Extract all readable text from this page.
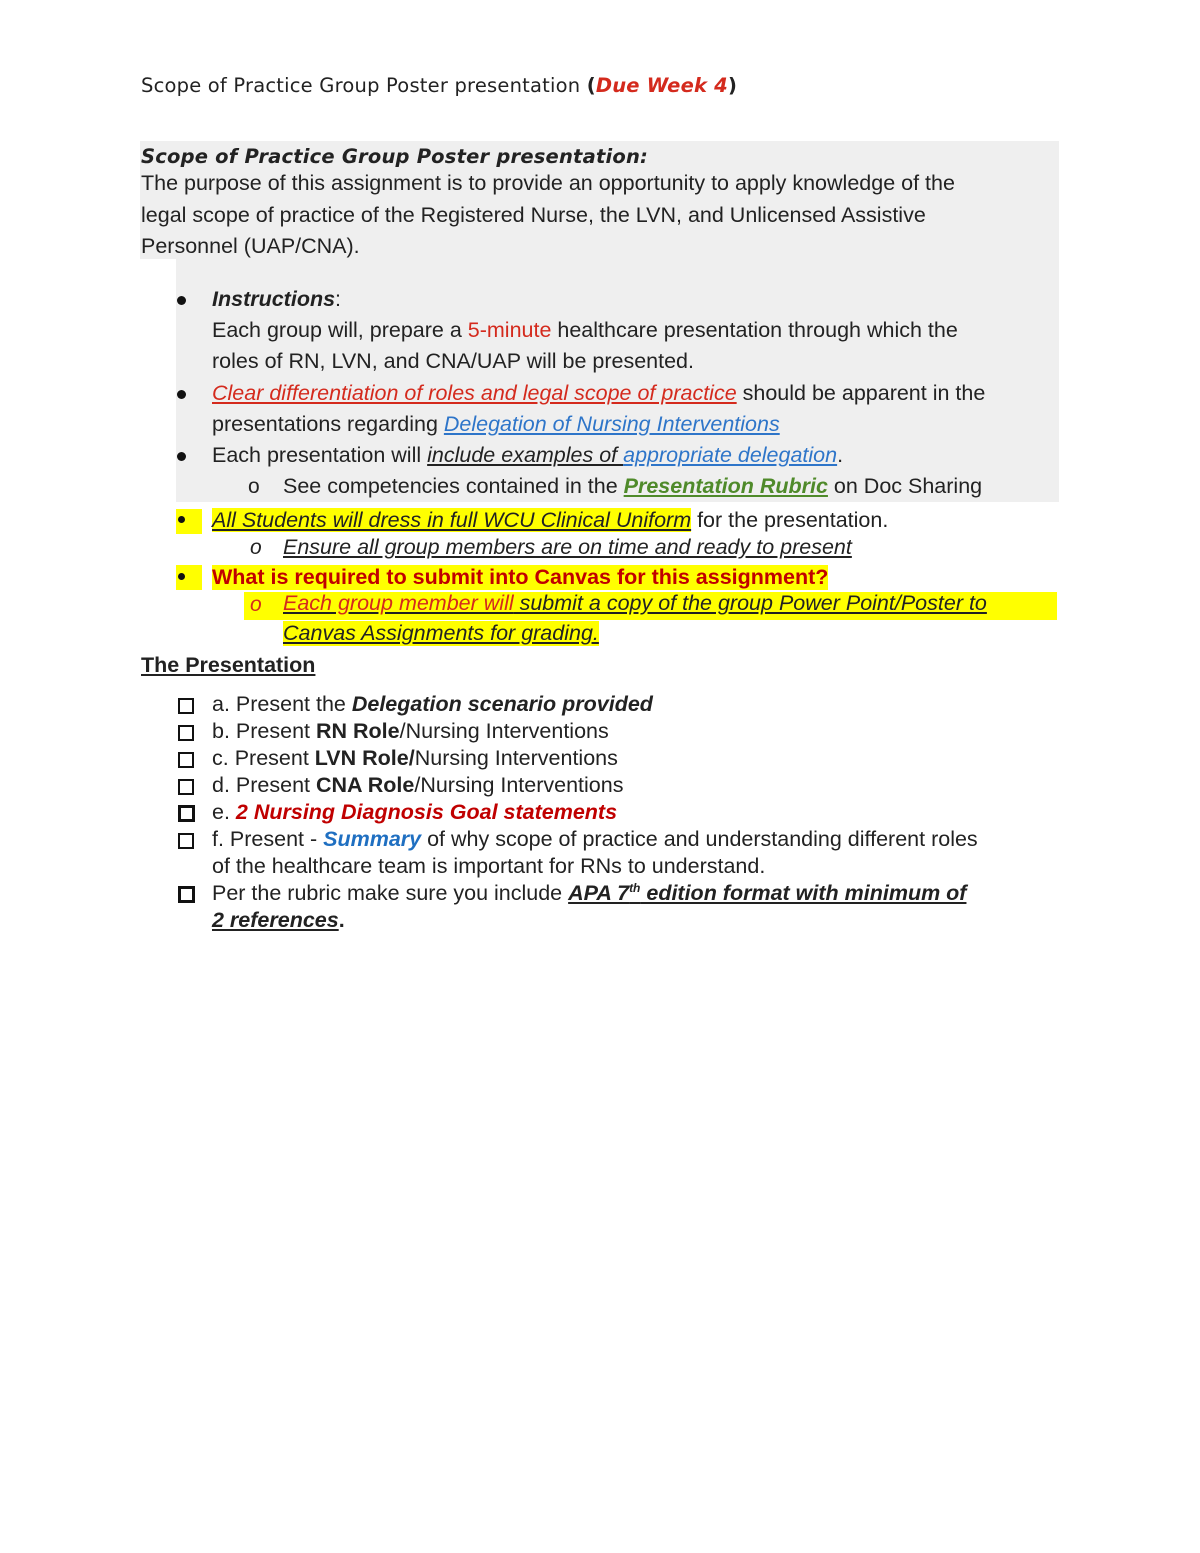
Scope of Practice Group Poster presentation (Due Week 4)
Scope of Practice Group Poster presentation:
The purpose of this assignment is to provide an opportunity to apply knowledge of the
legal scope of practice of the Registered Nurse, the LVN, and Unlicensed Assistive
Personnel (UAP/CNA).
Instructions:
Each group will, prepare a 5-minute healthcare presentation through which the
roles of RN, LVN, and CNA/UAP will be presented.
Clear differentiation of roles and legal scope of practice should be apparent in the
presentations regarding Delegation of Nursing Interventions
Each presentation will include examples of appropriate delegation.
o See competencies contained in the Presentation Rubric on Doc Sharing
All Students will dress in full WCU Clinical Uniform for the presentation.
o Ensure all group members are on time and ready to present
What is required to submit into Canvas for this assignment?
o Each group member will submit a copy of the group Power Point/Poster to
Canvas Assignments for grading.
The Presentation
a. Present the Delegation scenario provided
b. Present RN Role/Nursing Interventions
c. Present LVN Role/Nursing Interventions
d. Present CNA Role/Nursing Interventions
e. 2 Nursing Diagnosis Goal statements
f. Present - Summary of why scope of practice and understanding different roles
of the healthcare team is important for RNs to understand.
Per the rubric make sure you include APA 7th edition format with minimum of
2 references.
